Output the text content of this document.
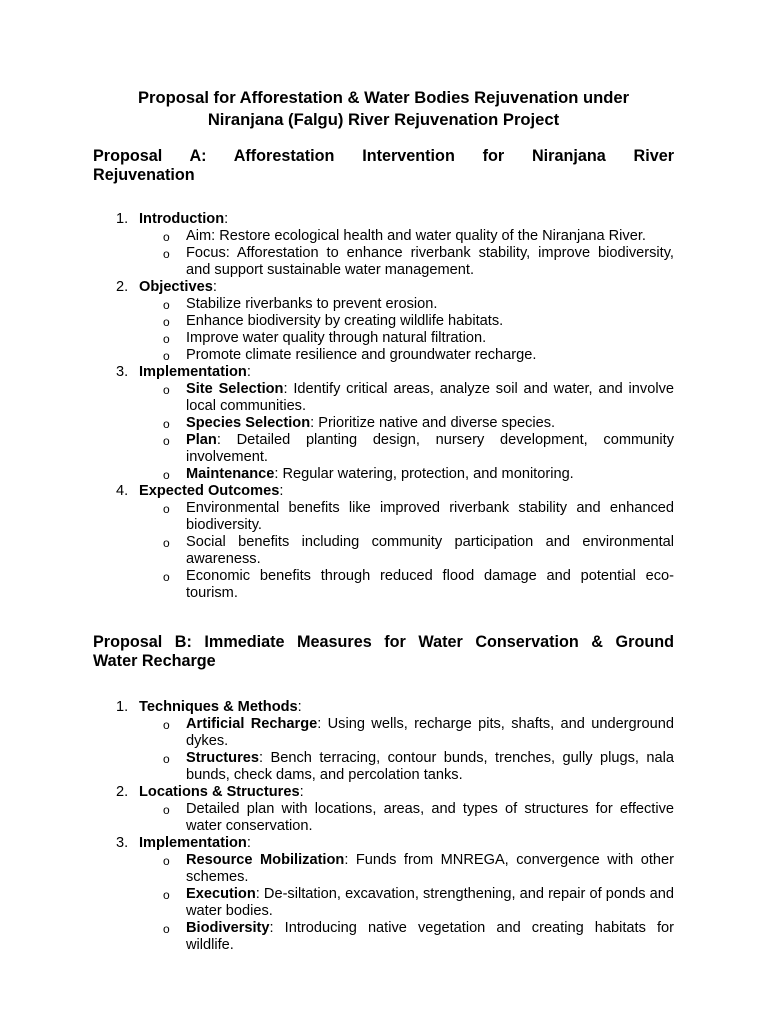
Proposal for Afforestation & Water Bodies Rejuvenation under
Niranjana (Falgu) River Rejuvenation Project
Proposal A: Afforestation Intervention for Niranjana River
Rejuvenation
1. Introduction:
o Aim: Restore ecological health and water quality of the Niranjana River.
o Focus: Afforestation to enhance riverbank stability, improve biodiversity, and support sustainable water management.
2. Objectives:
o Stabilize riverbanks to prevent erosion.
o Enhance biodiversity by creating wildlife habitats.
o Improve water quality through natural filtration.
o Promote climate resilience and groundwater recharge.
3. Implementation:
o Site Selection: Identify critical areas, analyze soil and water, and involve local communities.
o Species Selection: Prioritize native and diverse species.
o Plan: Detailed planting design, nursery development, community involvement.
o Maintenance: Regular watering, protection, and monitoring.
4. Expected Outcomes:
o Environmental benefits like improved riverbank stability and enhanced biodiversity.
o Social benefits including community participation and environmental awareness.
o Economic benefits through reduced flood damage and potential eco-tourism.
Proposal B: Immediate Measures for Water Conservation & Ground
Water Recharge
1. Techniques & Methods:
o Artificial Recharge: Using wells, recharge pits, shafts, and underground dykes.
o Structures: Bench terracing, contour bunds, trenches, gully plugs, nala bunds, check dams, and percolation tanks.
2. Locations & Structures:
o Detailed plan with locations, areas, and types of structures for effective water conservation.
3. Implementation:
o Resource Mobilization: Funds from MNREGA, convergence with other schemes.
o Execution: De-siltation, excavation, strengthening, and repair of ponds and water bodies.
o Biodiversity: Introducing native vegetation and creating habitats for wildlife.
